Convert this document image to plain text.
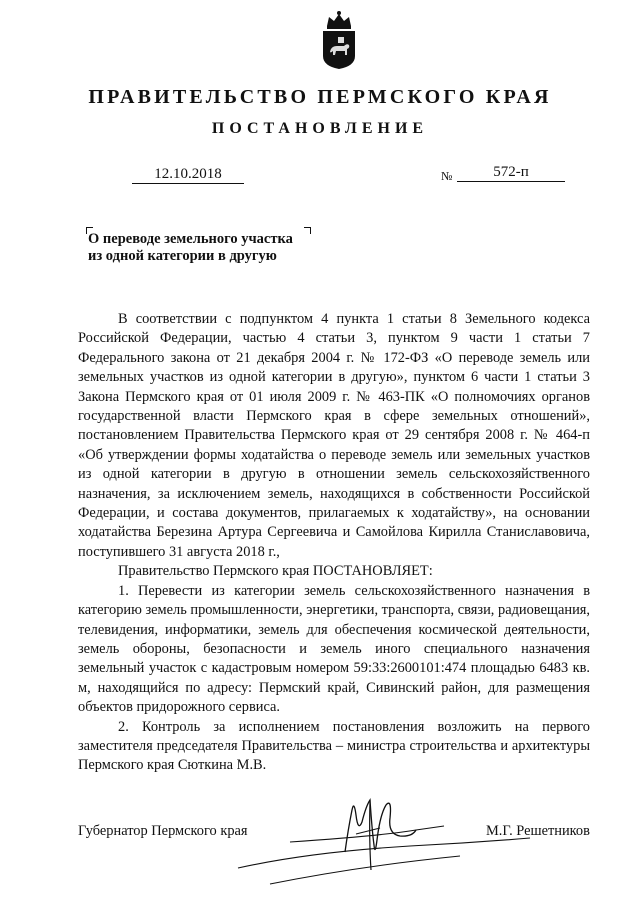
ПРАВИТЕЛЬСТВО ПЕРМСКОГО КРАЯ
ПОСТАНОВЛЕНИЕ
12.10.2018	№	572-п
О переводе земельного участка
из одной категории в другую

В соответствии с подпунктом 4 пункта 1 статьи 8 Земельного кодекса Российской Федерации, частью 4 статьи 3, пунктом 9 части 1 статьи 7 Федерального закона от 21 декабря 2004 г. № 172-ФЗ «О переводе земель или земельных участков из одной категории в другую», пунктом 6 части 1 статьи 3 Закона Пермского края от 01 июля 2009 г. № 463-ПК «О полномочиях органов государственной власти Пермского края в сфере земельных отношений», постановлением Правительства Пермского края от 29 сентября 2008 г. № 464-п «Об утверждении формы ходатайства о переводе земель или земельных участков из одной категории в другую в отношении земель сельскохозяйственного назначения, за исключением земель, находящихся в собственности Российской Федерации, и состава документов, прилагаемых к ходатайству», на основании ходатайства Березина Артура Сергеевича и Самойлова Кирилла Станиславовича, поступившего 31 августа 2018 г.,

Правительство Пермского края ПОСТАНОВЛЯЕТ:

1. Перевести из категории земель сельскохозяйственного назначения в категорию земель промышленности, энергетики, транспорта, связи, радиовещания, телевидения, информатики, земель для обеспечения космической деятельности, земель обороны, безопасности и земель иного специального назначения земельный участок с кадастровым номером 59:33:2600101:474 площадью 6483 кв. м, находящийся по адресу: Пермский край, Сивинский район, для размещения объектов придорожного сервиса.

2. Контроль за исполнением постановления возложить на первого заместителя председателя Правительства – министра строительства и архитектуры Пермского края Сюткина М.В.

Губернатор Пермского края	М.Г. Решетников
